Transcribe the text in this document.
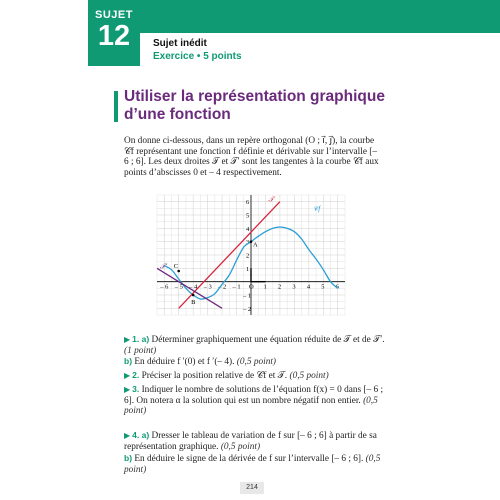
SUJET
12	Sujet inédit
Exercice • 5 points
Utiliser la représentation graphique d’une fonction
On donne ci-dessous, dans un repère orthogonal (O ; i⃗, j⃗), la courbe 𝒞f représentant une fonction f définie et dérivable sur l’intervalle [– 6 ; 6]. Les deux droites 𝒯 et 𝒯′ sont les tangentes à la courbe 𝒞f aux points d’abscisses 0 et – 4 respectivement.
– 6 – 5 – 4 – 3 – 2 – 1 O 1 2 3 4 5 6
6
5
4
3
2
1
– 1
– 2
𝒞f
𝒯
𝒯′
A
B
C
▶ 1. a) Déterminer graphiquement une équation réduite de 𝒯 et de 𝒯′. (1 point)
b) En déduire f ′(0) et f ′(– 4). (0,5 point)
▶ 2. Préciser la position relative de 𝒞f et 𝒯. (0,5 point)
▶ 3. Indiquer le nombre de solutions de l’équation f(x) = 0 dans [– 6 ; 6]. On notera α la solution qui est un nombre négatif non entier. (0,5 point)
▶ 4. a) Dresser le tableau de variation de f sur [– 6 ; 6] à partir de sa représentation graphique. (0,5 point)
b) En déduire le signe de la dérivée de f sur l’intervalle [– 6 ; 6]. (0,5 point)
214
